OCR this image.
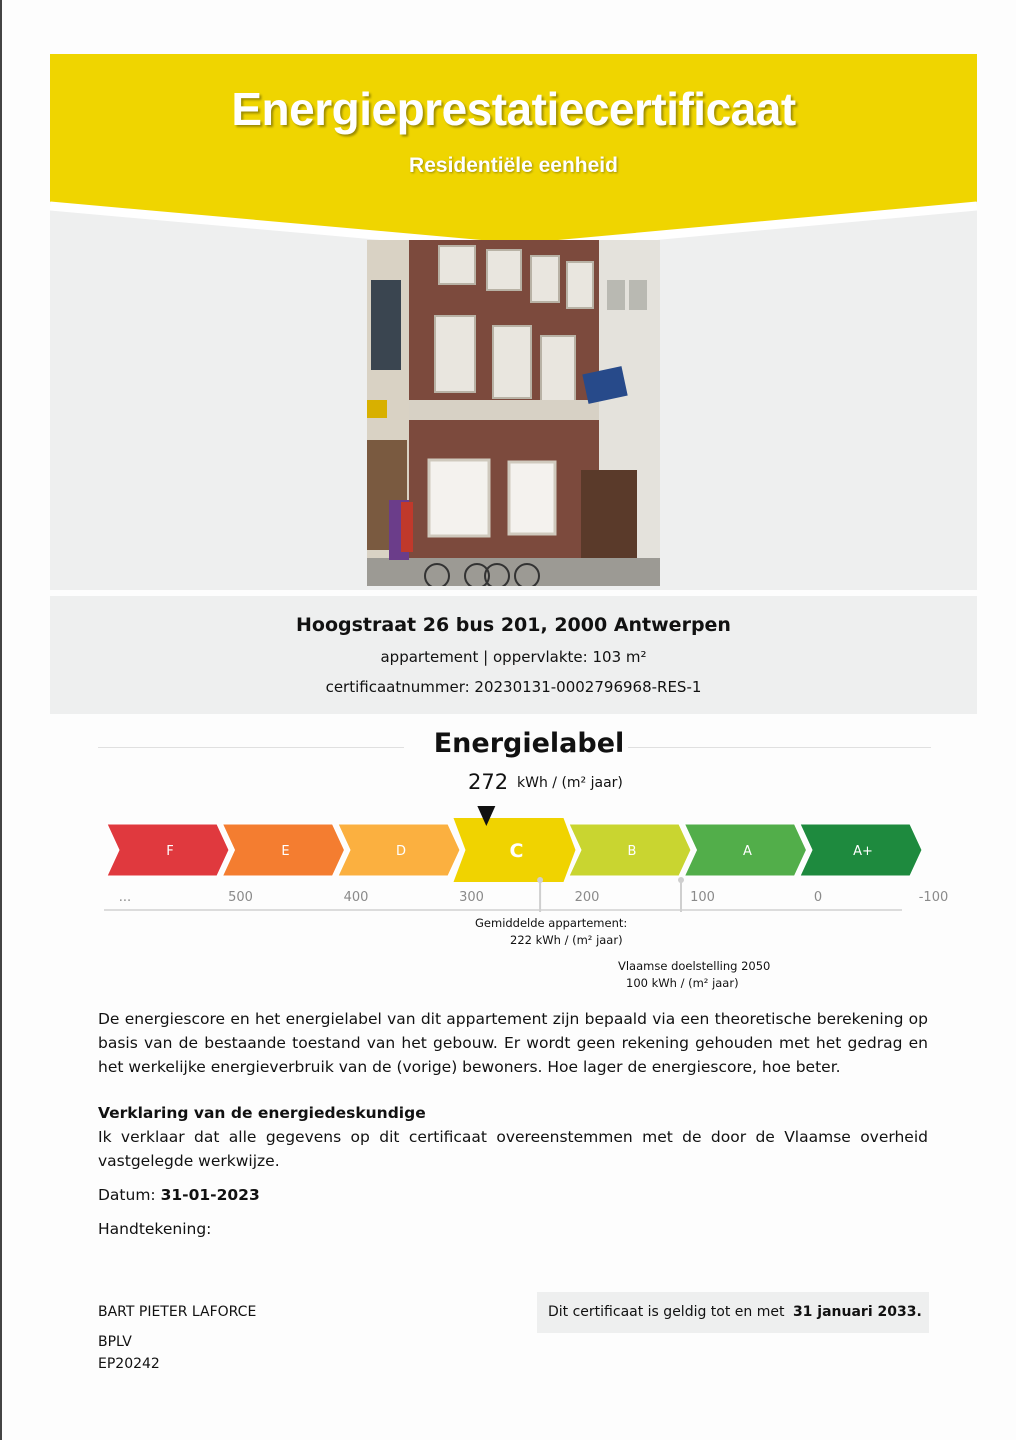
Energieprestatiecertificaat
Residentiële eenheid
Hoogstraat 26 bus 201, 2000 Antwerpen
appartement | oppervlakte: 103 m²
certificaatnummer: 20230131-0002796968-RES-1
Energielabel
272 kWh / (m² jaar)
F	E	D	C	B	A	A+
...	500	400	300	200	100	0	-100
Gemiddelde appartement:
222 kWh / (m² jaar)
Vlaamse doelstelling 2050
100 kWh / (m² jaar)
De energiescore en het energielabel van dit appartement zijn bepaald via een theoretische berekening op basis van de bestaande toestand van het gebouw. Er wordt geen rekening gehouden met het gedrag en het werkelijke energieverbruik van de (vorige) bewoners. Hoe lager de energiescore, hoe beter.
Verklaring van de energiedeskundige
Ik verklaar dat alle gegevens op dit certificaat overeenstemmen met de door de Vlaamse overheid vastgelegde werkwijze.
Datum: 31-01-2023
Handtekening:
BART PIETER LAFORCE
BPLV
EP20242
Dit certificaat is geldig tot en met 31 januari 2033.
